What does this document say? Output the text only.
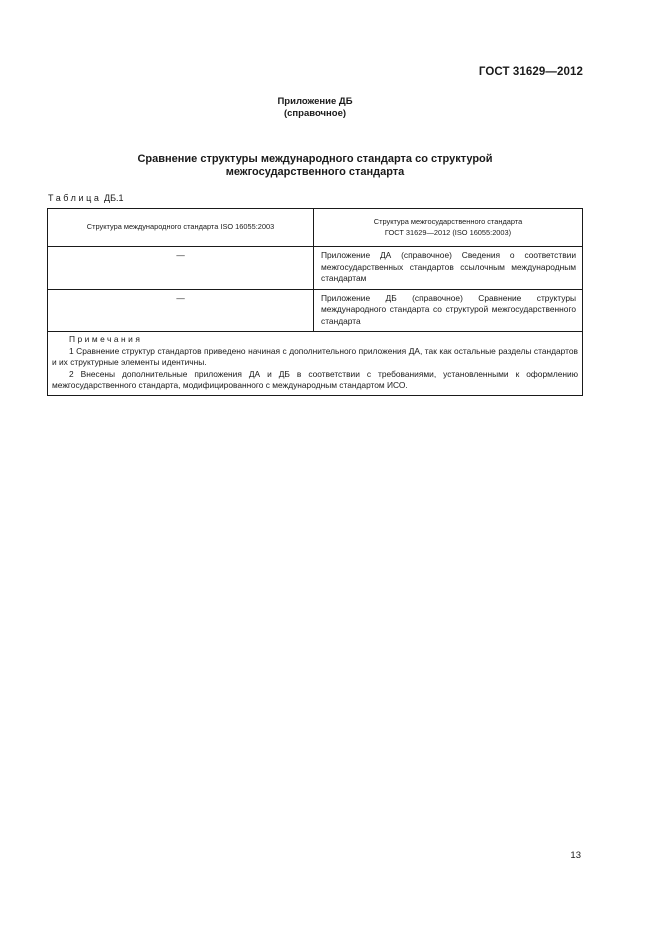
ГОСТ 31629—2012
Приложение ДБ
(справочное)
Сравнение структуры международного стандарта со структурой
межгосударственного стандарта
Таблица ДБ.1
Структура международного стандарта ISO 16055:2003	Структура межгосударственного стандарта
ГОСТ 31629—2012 (ISO 16055:2003)

—	Приложение ДА (справочное) Сведения о соответствии межгосударственных стандартов ссылочным международным стандартам
—	Приложение ДБ (справочное) Сравнение структуры международного стандарта со структурой межгосударственного стандарта

Примечания
1 Сравнение структур стандартов приведено начиная с дополнительного приложения ДА, так как остальные разделы стандартов и их структурные элементы идентичны.
2 Внесены дополнительные приложения ДА и ДБ в соответствии с требованиями, установленными к оформлению межгосударственного стандарта, модифицированного с международным стандартом ИСО.	
13
